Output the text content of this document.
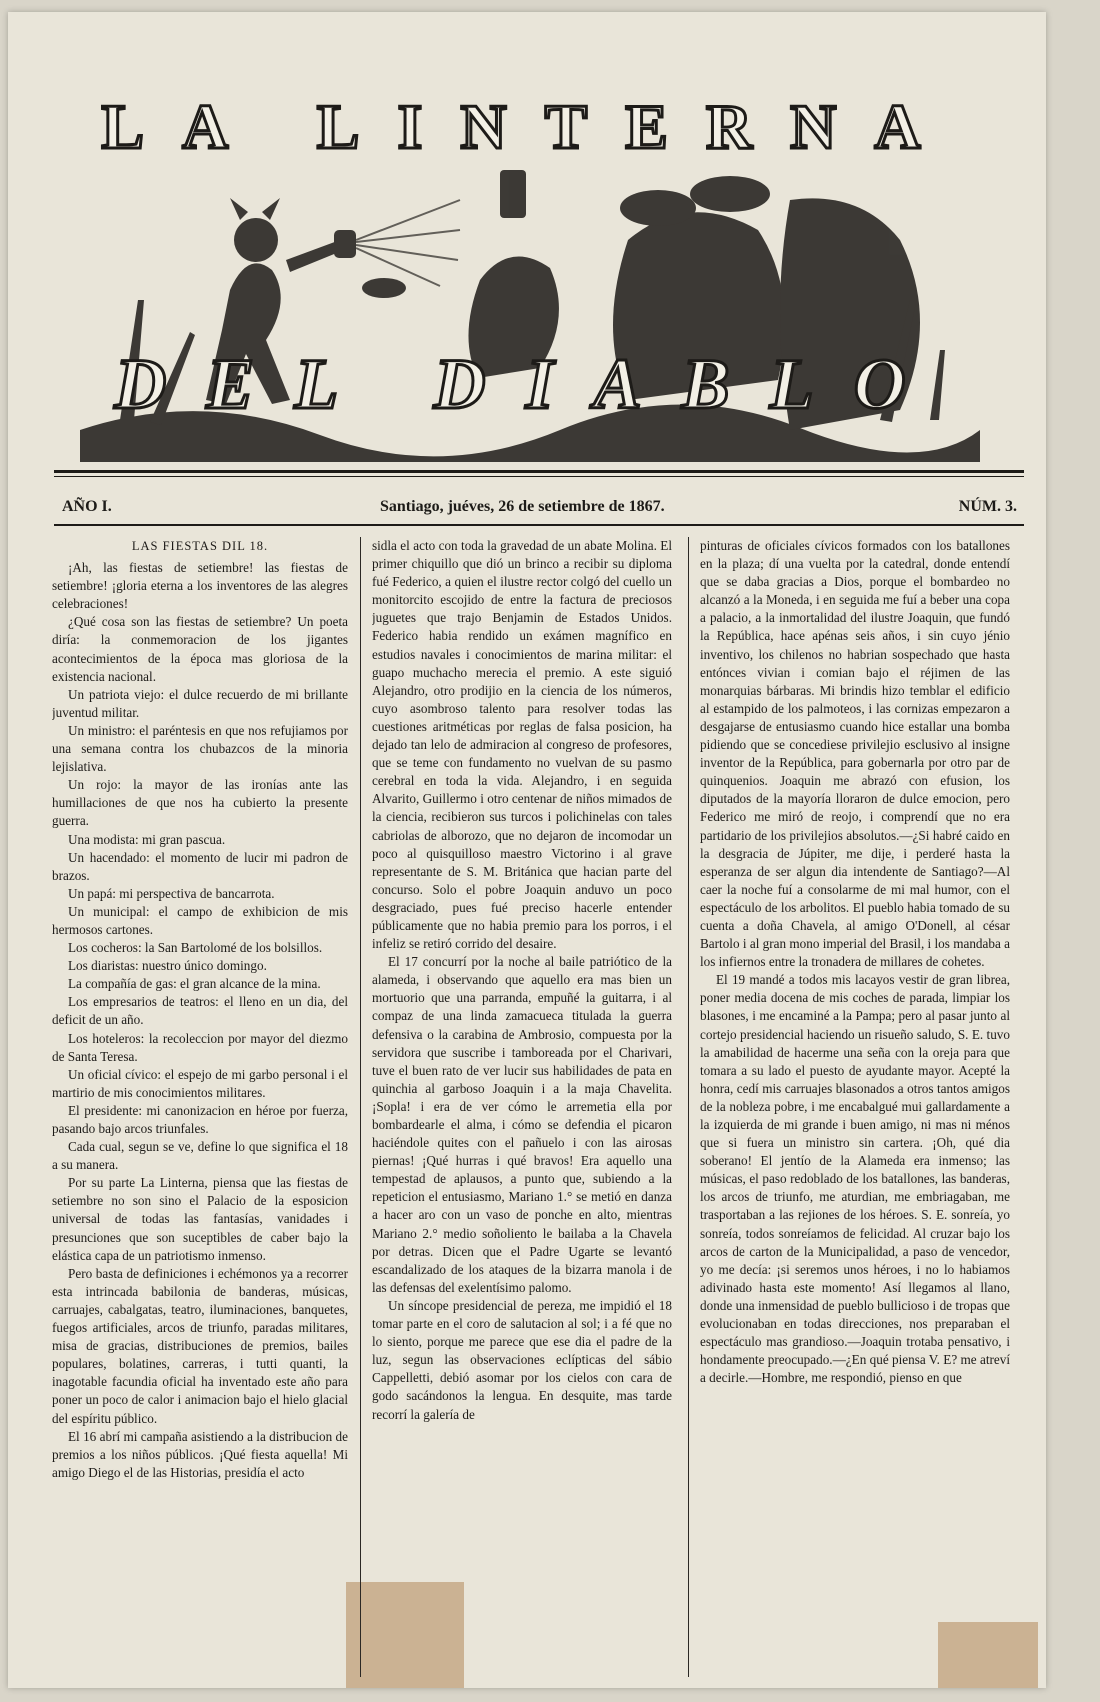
LA LINTERNA
DEL DIABLO
AÑO I.	Santiago, juéves, 26 de setiembre de 1867.	NÚM. 3.
LAS FIESTAS DIL 18.

¡Ah, las fiestas de setiembre! las fiestas de setiembre! ¡gloria eterna a los inventores de las alegres celebraciones!

¿Qué cosa son las fiestas de setiembre? Un poeta diría: la conmemoracion de los jigantes acontecimientos de la época mas gloriosa de la existencia nacional.

Un patriota viejo: el dulce recuerdo de mi brillante juventud militar.

Un ministro: el paréntesis en que nos refujiamos por una semana contra los chubazcos de la minoria lejislativa.

Un rojo: la mayor de las ironías ante las humillaciones de que nos ha cubierto la presente guerra.

Una modista: mi gran pascua.

Un hacendado: el momento de lucir mi padron de brazos.

Un papá: mi perspectiva de bancarrota.

Un municipal: el campo de exhibicion de mis hermosos cartones.

Los cocheros: la San Bartolomé de los bolsillos.

Los diaristas: nuestro único domingo.

La compañía de gas: el gran alcance de la mina.

Los empresarios de teatros: el lleno en un dia, del deficit de un año.

Los hoteleros: la recoleccion por mayor del diezmo de Santa Teresa.

Un oficial cívico: el espejo de mi garbo personal i el martirio de mis conocimientos militares.

El presidente: mi canonizacion en héroe por fuerza, pasando bajo arcos triunfales.

Cada cual, segun se ve, define lo que significa el 18 a su manera.

Por su parte La Linterna, piensa que las fiestas de setiembre no son sino el Palacio de la esposicion universal de todas las fantasías, vanidades i presunciones que son suceptibles de caber bajo la elástica capa de un patriotismo inmenso.

Pero basta de definiciones i echémonos ya a recorrer esta intrincada babilonia de banderas, músicas, carruajes, cabalgatas, teatro, iluminaciones, banquetes, fuegos artificiales, arcos de triunfo, paradas militares, misa de gracias, distribuciones de premios, bailes populares, bolatines, carreras, i tutti quanti, la inagotable facundia oficial ha inventado este año para poner un poco de calor i animacion bajo el hielo glacial del espíritu público.

El 16 abrí mi campaña asistiendo a la distribucion de premios a los niños públicos. ¡Qué fiesta aquella! Mi amigo Diego el de las Historias, presidía el acto

sidla el acto con toda la gravedad de un abate Molina. El primer chiquillo que dió un brinco a recibir su diploma fué Federico, a quien el ilustre rector colgó del cuello un monitorcito escojido de entre la factura de preciosos juguetes que trajo Benjamin de Estados Unidos. Federico habia rendido un exámen magnífico en estudios navales i conocimientos de marina militar: el guapo muchacho merecia el premio. A este siguió Alejandro, otro prodijio en la ciencia de los números, cuyo asombroso talento para resolver todas las cuestiones aritméticas por reglas de falsa posicion, ha dejado tan lelo de admiracion al congreso de profesores, que se teme con fundamento no vuelvan de su pasmo cerebral en toda la vida. Alejandro, i en seguida Alvarito, Guillermo i otro centenar de niños mimados de la ciencia, recibieron sus turcos i polichinelas con tales cabriolas de alborozo, que no dejaron de incomodar un poco al quisquilloso maestro Victorino i al grave representante de S. M. Británica que hacian parte del concurso. Solo el pobre Joaquin anduvo un poco desgraciado, pues fué preciso hacerle entender públicamente que no habia premio para los porros, i el infeliz se retiró corrido del desaire.

El 17 concurrí por la noche al baile patriótico de la alameda, i observando que aquello era mas bien un mortuorio que una parranda, empuñé la guitarra, i al compaz de una linda zamacueca titulada la guerra defensiva o la carabina de Ambrosio, compuesta por la servidora que suscribe i tamboreada por el Charivari, tuve el buen rato de ver lucir sus habilidades de pata en quinchia al garboso Joaquin i a la maja Chavelita. ¡Sopla! i era de ver cómo le arremetia ella por bombardearle el alma, i cómo se defendia el picaron haciéndole quites con el pañuelo i con las airosas piernas! ¡Qué hurras i qué bravos! Era aquello una tempestad de aplausos, a punto que, subiendo a la repeticion el entusiasmo, Mariano 1.° se metió en danza a hacer aro con un vaso de ponche en alto, mientras Mariano 2.° medio soñoliento le bailaba a la Chavela por detras. Dicen que el Padre Ugarte se levantó escandalizado de los ataques de la bizarra manola i de las defensas del exelentísimo palomo.

Un síncope presidencial de pereza, me impidió el 18 tomar parte en el coro de salutacion al sol; i a fé que no lo siento, porque me parece que ese dia el padre de la luz, segun las observaciones eclípticas del sábio Cappelletti, debió asomar por los cielos con cara de godo sacándonos la lengua. En desquite, mas tarde recorrí la galería de

pinturas de oficiales cívicos formados con los batallones en la plaza; dí una vuelta por la catedral, donde entendí que se daba gracias a Dios, porque el bombardeo no alcanzó a la Moneda, i en seguida me fuí a beber una copa a palacio, a la inmortalidad del ilustre Joaquin, que fundó la República, hace apénas seis años, i sin cuyo jénio inventivo, los chilenos no habrian sospechado que hasta entónces vivian i comian bajo el réjimen de las monarquias bárbaras. Mi brindis hizo temblar el edificio al estampido de los palmoteos, i las cornizas empezaron a desgajarse de entusiasmo cuando hice estallar una bomba pidiendo que se concediese privilejio esclusivo al insigne inventor de la República, para gobernarla por otro par de quinquenios. Joaquin me abrazó con efusion, los diputados de la mayoría lloraron de dulce emocion, pero Federico me miró de reojo, i comprendí que no era partidario de los privilejios absolutos.—¿Si habré caido en la desgracia de Júpiter, me dije, i perderé hasta la esperanza de ser algun dia intendente de Santiago?—Al caer la noche fuí a consolarme de mi mal humor, con el espectáculo de los arbolitos. El pueblo habia tomado de su cuenta a doña Chavela, al amigo O'Donell, al césar Bartolo i al gran mono imperial del Brasil, i los mandaba a los infiernos entre la tronadera de millares de cohetes.

El 19 mandé a todos mis lacayos vestir de gran librea, poner media docena de mis coches de parada, limpiar los blasones, i me encaminé a la Pampa; pero al pasar junto al cortejo presidencial haciendo un risueño saludo, S. E. tuvo la amabilidad de hacerme una seña con la oreja para que tomara a su lado el puesto de ayudante mayor. Acepté la honra, cedí mis carruajes blasonados a otros tantos amigos de la nobleza pobre, i me encabalgué mui gallardamente a la izquierda de mi grande i buen amigo, ni mas ni ménos que si fuera un ministro sin cartera. ¡Oh, qué dia soberano! El jentío de la Alameda era inmenso; las músicas, el paso redoblado de los batallones, las banderas, los arcos de triunfo, me aturdian, me embriagaban, me trasportaban a las rejiones de los héroes. S. E. sonreía, yo sonreía, todos sonreíamos de felicidad. Al cruzar bajo los arcos de carton de la Municipalidad, a paso de vencedor, yo me decía: ¡si seremos unos héroes, i no lo habiamos adivinado hasta este momento! Así llegamos al llano, donde una inmensidad de pueblo bullicioso i de tropas que evolucionaban en todas direcciones, nos preparaban el espectáculo mas grandioso.—Joaquin trotaba pensativo, i hondamente preocupado.—¿En qué piensa V. E? me atreví a decirle.—Hombre, me respondió, pienso en que
